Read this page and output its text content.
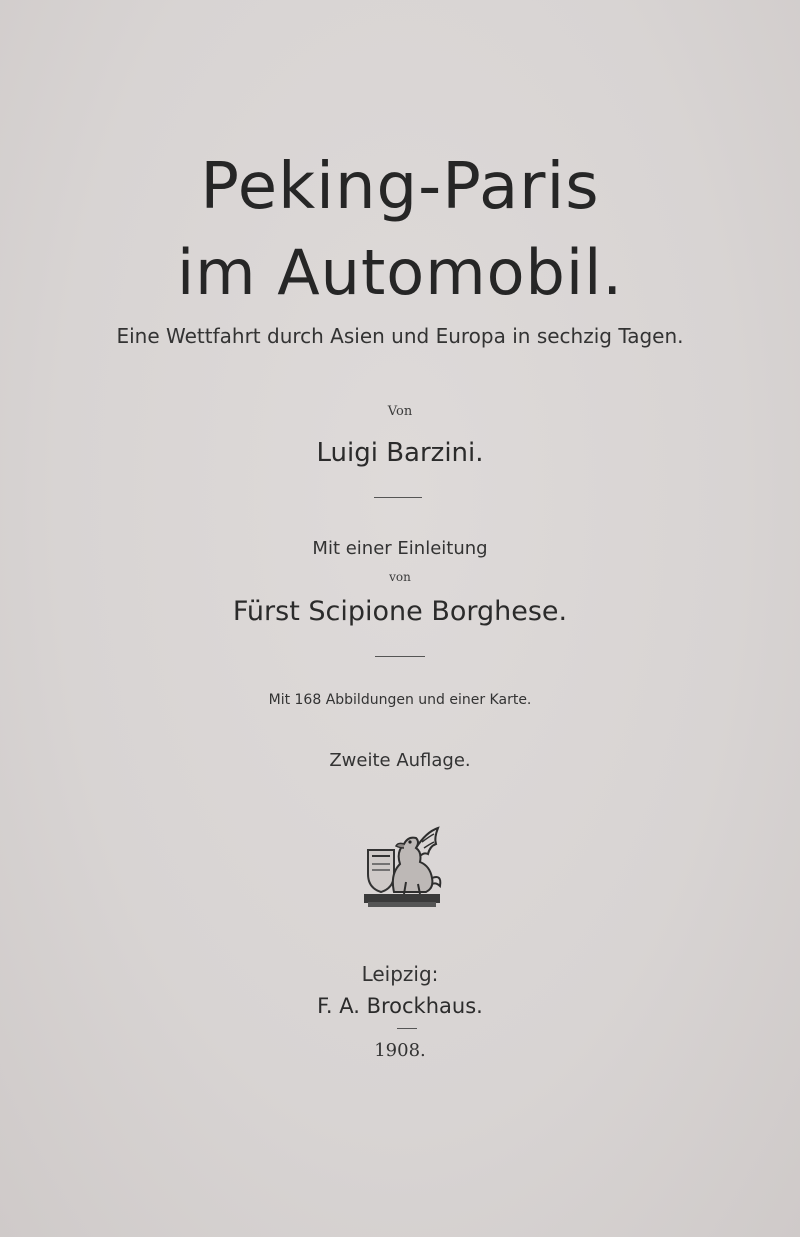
Peking-Paris
im Automobil.
Eine Wettfahrt durch Asien und Europa in sechzig Tagen.
Von
Luigi Barzini.
Mit einer Einleitung
von
Fürst Scipione Borghese.
Mit 168 Abbildungen und einer Karte.
Zweite Auflage.
Leipzig:
F. A. Brockhaus.
1908.
